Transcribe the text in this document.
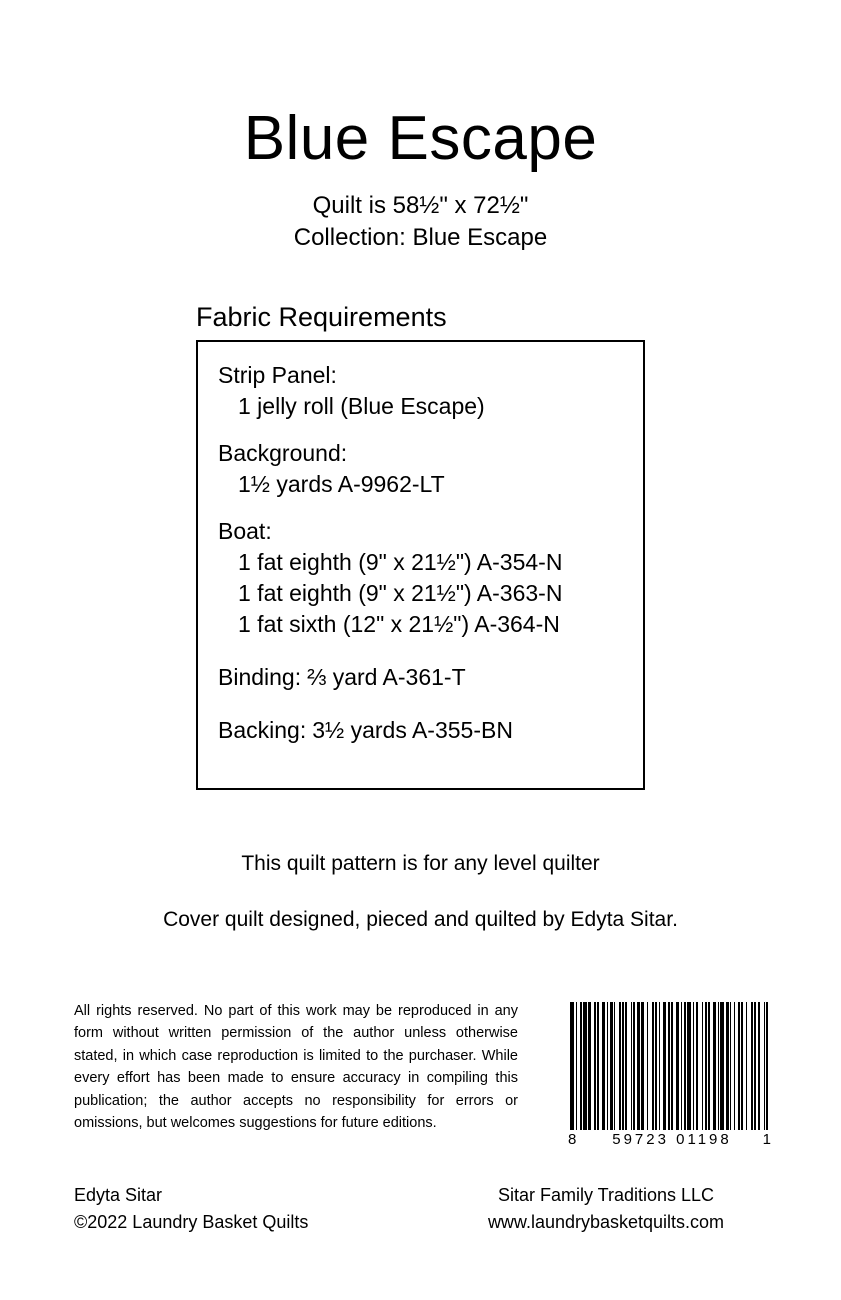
Blue Escape
Quilt is 58½" x 72½"
Collection: Blue Escape
Fabric Requirements
Strip Panel:
1 jelly roll (Blue Escape)
Background:
1½ yards A-9962-LT
Boat:
1 fat eighth (9" x 21½") A-354-N
1 fat eighth (9" x 21½") A-363-N
1 fat sixth (12" x 21½") A-364-N
Binding: ⅔ yard A-361-T
Backing: 3½ yards A-355-BN
This quilt pattern is for any level quilter
Cover quilt designed, pieced and quilted by Edyta Sitar.
All rights reserved. No part of this work may be reproduced in any form without written permission of the author unless otherwise stated, in which case reproduction is limited to the purchaser. While every effort has been made to ensure accuracy in compiling this publication; the author accepts no responsibility for errors or omissions, but welcomes suggestions for future editions.
8 59723 01198 1
Edyta Sitar
©2022 Laundry Basket Quilts
Sitar Family Traditions LLC
www.laundrybasketquilts.com
